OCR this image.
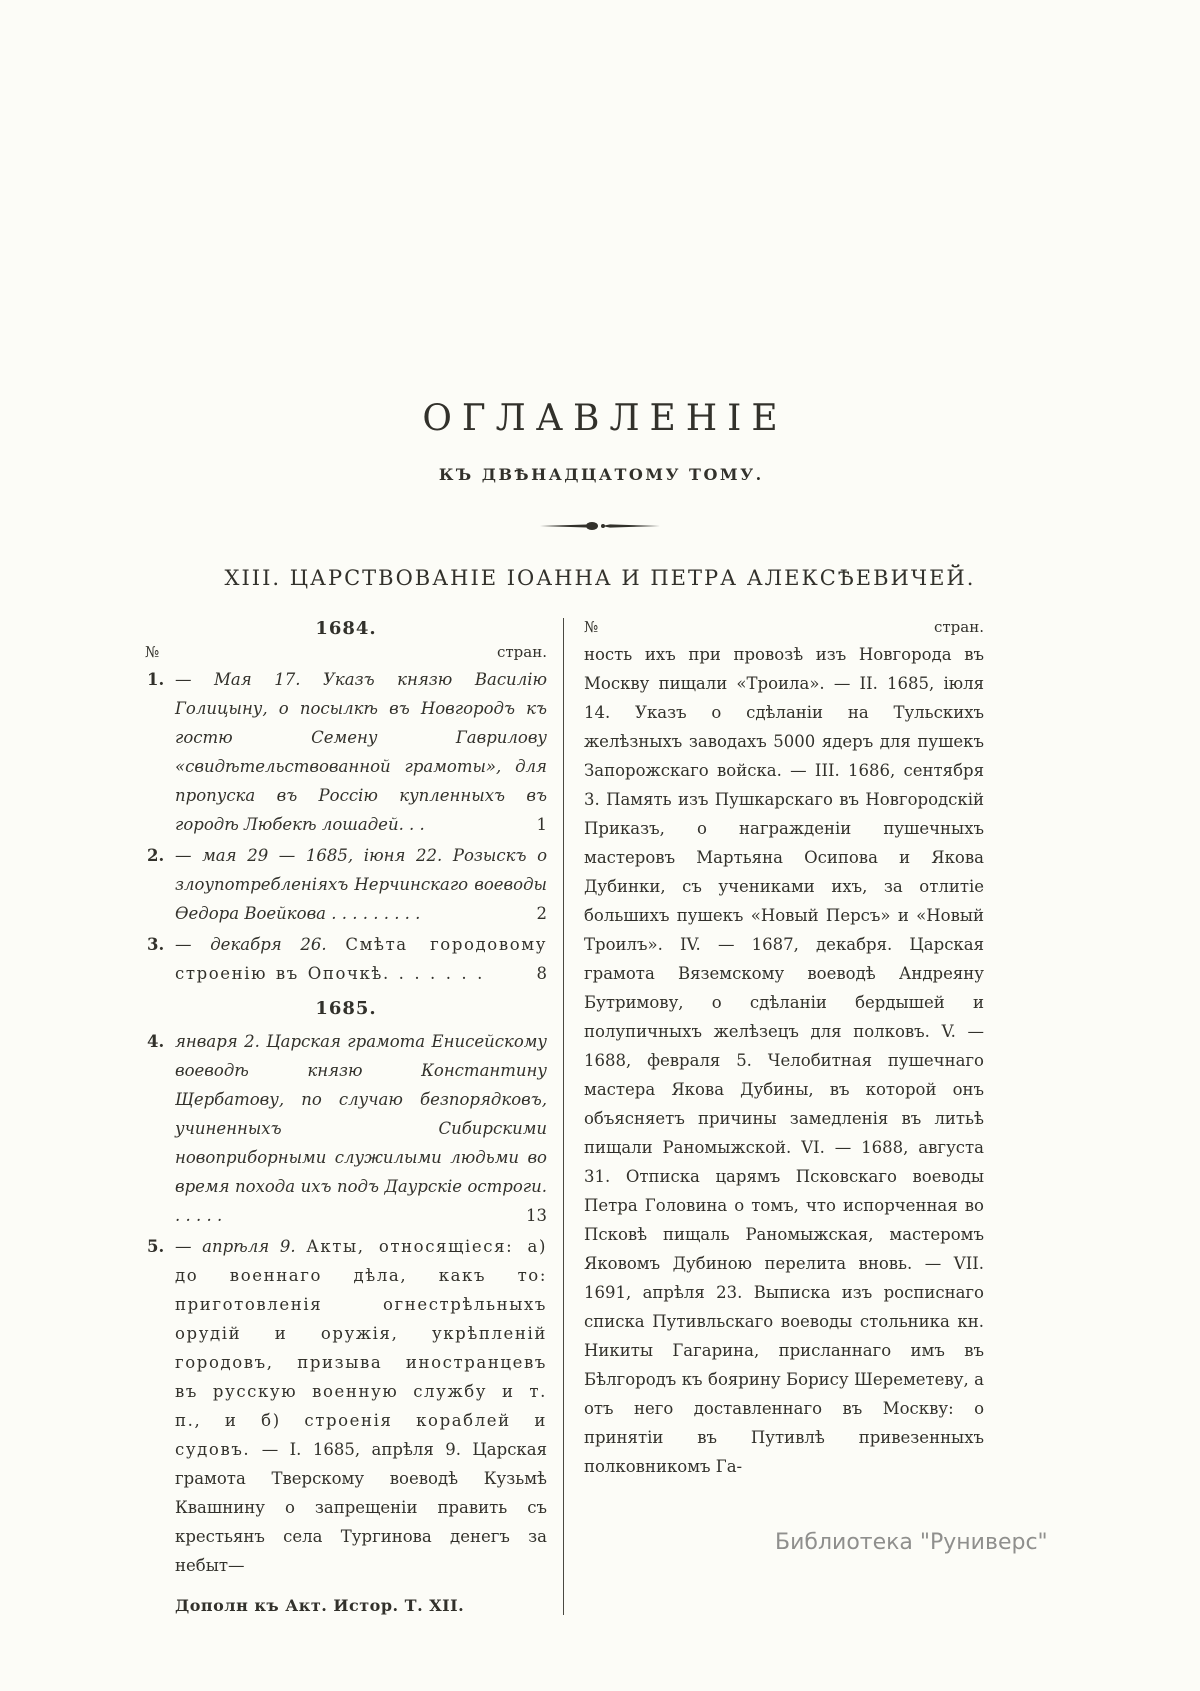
ОГЛАВЛЕНІЕ
КЪ ДВѢНАДЦАТОМУ ТОМУ.
XIII. ЦАРСТВОВАНІЕ ІОАННА И ПЕТРА АЛЕКСѢЕВИЧЕЙ.
1684.
№	стран.
1. — Мая 17. Указъ князю Василію Голицыну, о посылкѣ въ Новгородъ къ гостю Семену Гаврилову «свидѣтельствованной грамоты», для пропуска въ Россію купленныхъ въ городѣ Любекѣ лошадей. . .	1
2. — мая 29 — 1685, іюня 22. Розыскъ о злоупотребленіяхъ Нерчинскаго воеводы Ѳедора Воейкова . . . . . . . . .	2
3. — декабря 26. Смѣта городовому строенію въ Опочкѣ. . . . . . .	8
1685.
4. января 2. Царская грамота Енисейскому воеводѣ князю Константину Щербатову, по случаю безпорядковъ, учиненныхъ Сибирскими новоприборными служилыми людьми во время похода ихъ подъ Даурскіе остроги. . . . . .	13
5. — апрѣля 9. Акты, относящіеся: а) до военнаго дѣла, какъ то: приготовленія огнестрѣльныхъ орудій и оружія, укрѣпленій городовъ, призыва иностранцевъ въ русскую военную службу и т. п., и б) строенія кораблей и судовъ. — I. 1685, апрѣля 9. Царская грамота Тверскому воеводѣ Кузьмѣ Квашнину о запрещеніи править съ крестьянъ села Тургинова денегъ за небыт—
Дополн къ Акт. Истор. Т. XII.
№	стран.

ность ихъ при провозѣ изъ Новгорода въ Москву пищали «Троила». — II. 1685, іюля 14. Указъ о сдѣланіи на Тульскихъ желѣзныхъ заводахъ 5000 ядеръ для пушекъ Запорожскаго войска. — III. 1686, сентября 3. Память изъ Пушкарскаго въ Новгородскій Приказъ, о награжденіи пушечныхъ мастеровъ Мартьяна Осипова и Якова Дубинки, съ учениками ихъ, за отлитіе большихъ пушекъ «Новый Персъ» и «Новый Троилъ». IV. — 1687, декабря. Царская грамота Вяземскому воеводѣ Андреяну Бутримову, о сдѣланіи бердышей и полупичныхъ желѣзецъ для полковъ. V. — 1688, февраля 5. Челобитная пушечнаго мастера Якова Дубины, въ которой онъ объясняетъ причины замедленія въ литьѣ пищали Раномыжской. VI. — 1688, августа 31. Отписка царямъ Псковскаго воеводы Петра Головина о томъ, что испорченная во Псковѣ пищаль Раномыжская, мастеромъ Яковомъ Дубиною перелита вновь. — VII. 1691, апрѣля 23. Выписка изъ росписнаго списка Путивльскаго воеводы стольника кн. Никиты Гагарина, присланнаго имъ въ Бѣлгородъ къ боярину Борису Шереметеву, а отъ него доставленнаго въ Москву: о принятіи въ Путивлѣ привезенныхъ полковникомъ Га-

Библиотека "Руниверс"
